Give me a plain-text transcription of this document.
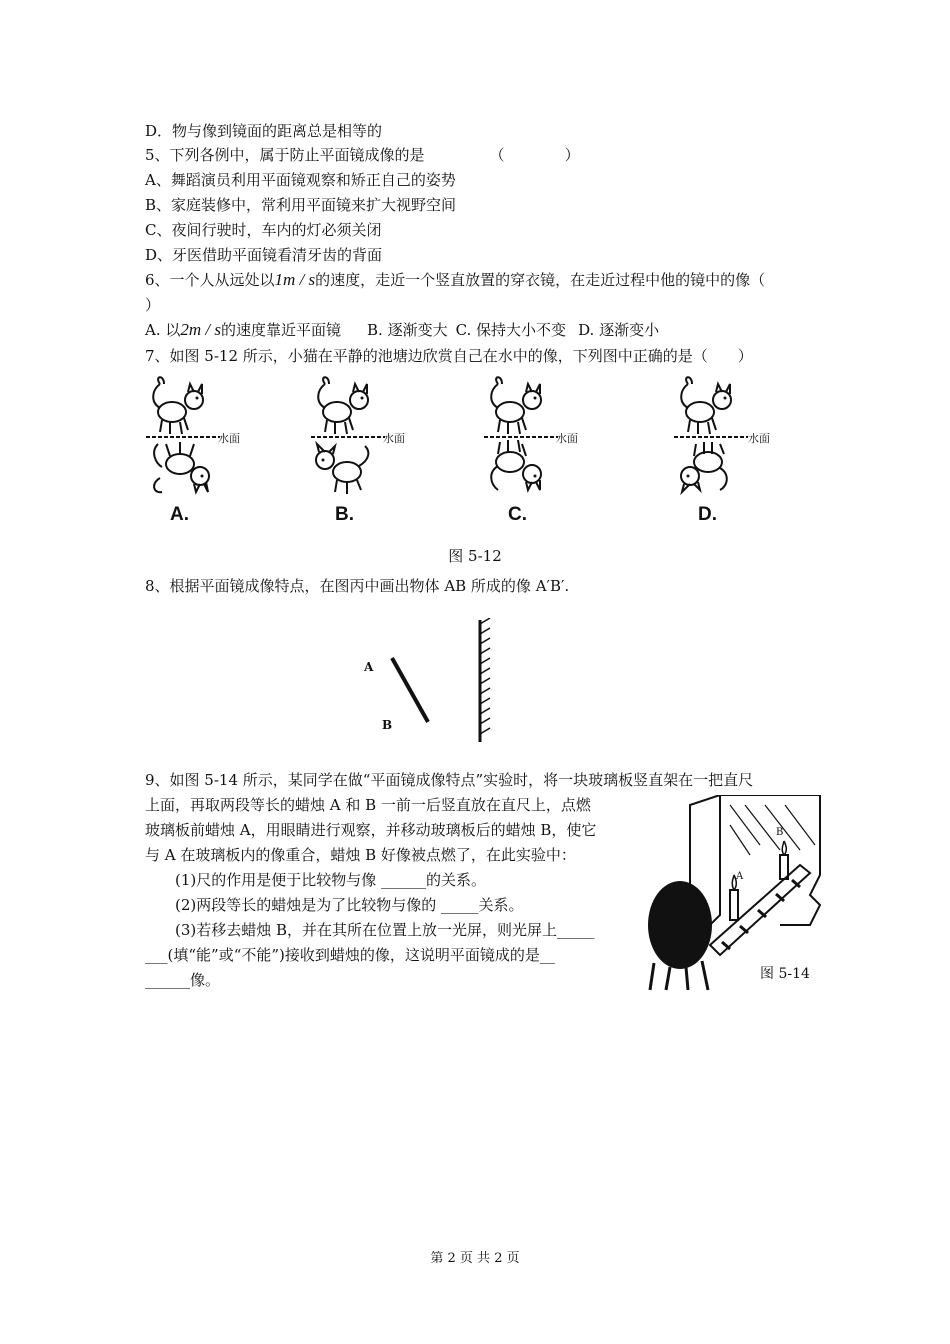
D．物与像到镜面的距离总是相等的
5、下列各例中，属于防止平面镜成像的是	（	）
A、舞蹈演员利用平面镜观察和矫正自己的姿势
B、家庭装修中，常利用平面镜来扩大视野空间
C、夜间行驶时，车内的灯必须关闭
D、牙医借助平面镜看清牙齿的背面
6、一个人从远处以1m / s的速度，走近一个竖直放置的穿衣镜，在走近过程中他的镜中的像（
）
A. 以2m / s的速度靠近平面镜 B. 逐渐变大 C. 保持大小不变 D. 逐渐变小
7、如图 5-12 所示，小猫在平静的池塘边欣赏自己在水中的像，下列图中正确的是（　　）
水面
A.
水面
B.
水面
C.
水面
D.
图 5-12
8、根据平面镜成像特点，在图丙中画出物体 AB 所成的像 A′B′.
A
B
9、如图 5-14 所示，某同学在做“平面镜成像特点”实验时，将一块玻璃板竖直架在一把直尺
上面，再取两段等长的蜡烛 A 和 B 一前一后竖直放在直尺上，点燃
玻璃板前蜡烛 A，用眼睛进行观察，并移动玻璃板后的蜡烛 B，使它
与 A 在玻璃板内的像重合，蜡烛 B 好像被点燃了，在此实验中：
　　(1)尺的作用是便于比较物与像 ______的关系。
　　(2)两段等长的蜡烛是为了比较物与像的 _____关系。
　　(3)若移去蜡烛 B，并在其所在位置上放一光屏，则光屏上_____
___(填“能”或“不能”)接收到蜡烛的像，这说明平面镜成的是__
______像。
A
B
图 5-14
第 2 页 共 2 页
